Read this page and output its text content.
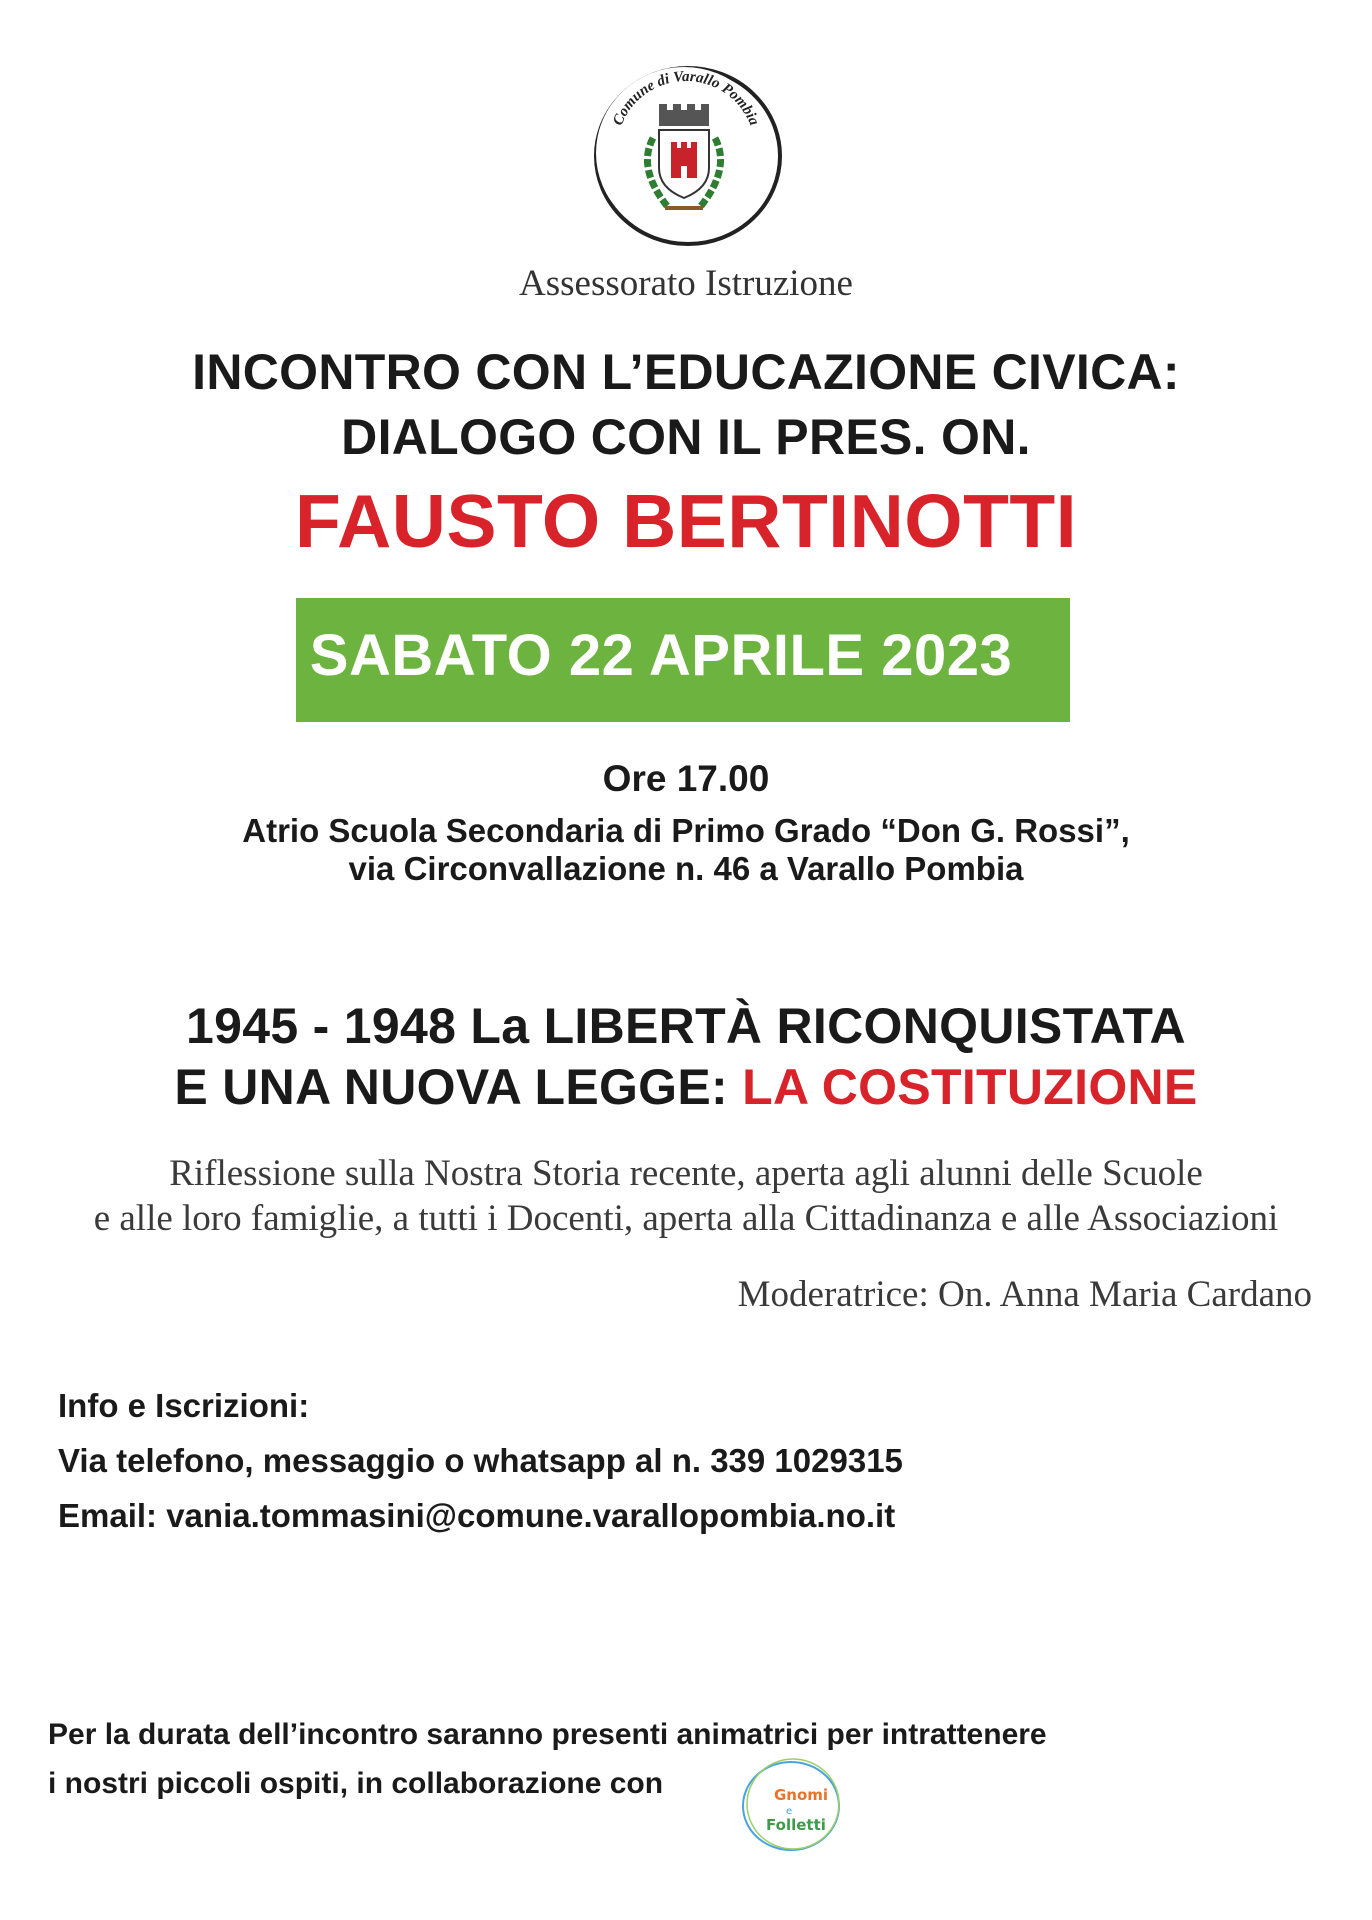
Comune di Varallo Pombia
Assessorato Istruzione
INCONTRO CON L’EDUCAZIONE CIVICA:
DIALOGO CON IL PRES. ON.
FAUSTO BERTINOTTI
SABATO 22 APRILE 2023
Ore 17.00
Atrio Scuola Secondaria di Primo Grado “Don G. Rossi”,
via Circonvallazione n. 46 a Varallo Pombia
1945 - 1948 La LIBERTÀ RICONQUISTATA
E UNA NUOVA LEGGE: LA COSTITUZIONE
Riflessione sulla Nostra Storia recente, aperta agli alunni delle Scuole
e alle loro famiglie, a tutti i Docenti, aperta alla Cittadinanza e alle Associazioni
Moderatrice: On. Anna Maria Cardano
Info e Iscrizioni:
Via telefono, messaggio o whatsapp al n. 339 1029315
Email: vania.tommasini@comune.varallopombia.no.it
Per la durata dell’incontro saranno presenti animatrici per intrattenere
i nostri piccoli ospiti, in collaborazione con	Gnomi
e
Folletti
